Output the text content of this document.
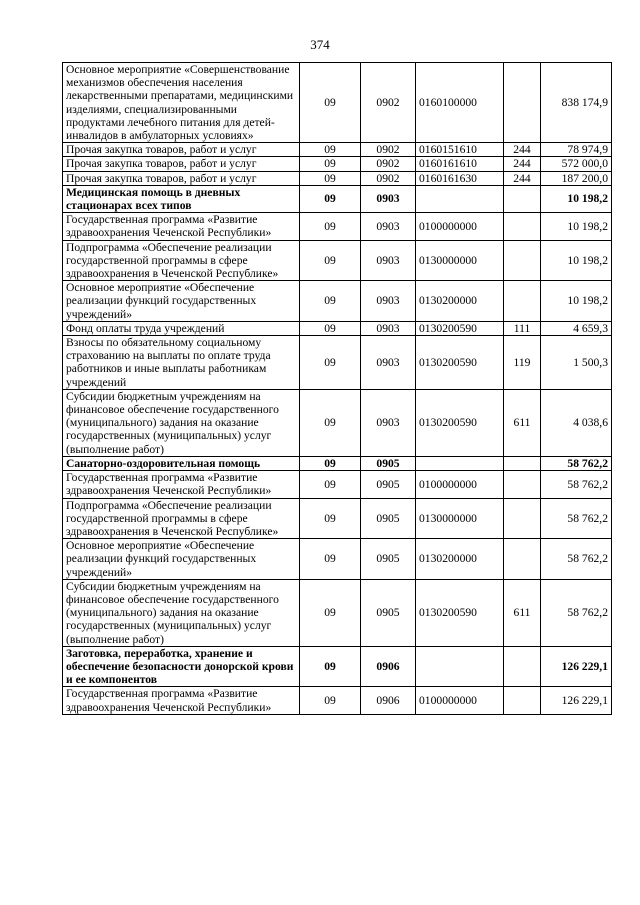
374
Основное мероприятие «Совершенствование механизмов обеспечения населения лекарственными препаратами, медицинскими изделиями, специализированными продуктами лечебного питания для детей-инвалидов в амбулаторных условиях»	09	0902	0160100000		838 174,9
Прочая закупка товаров, работ и услуг	09	0902	0160151610	244	78 974,9
Прочая закупка товаров, работ и услуг	09	0902	0160161610	244	572 000,0
Прочая закупка товаров, работ и услуг	09	0902	0160161630	244	187 200,0
Медицинская помощь в дневных стационарах всех типов	09	0903			10 198,2
Государственная программа «Развитие здравоохранения Чеченской Республики»	09	0903	0100000000		10 198,2
Подпрограмма «Обеспечение реализации государственной программы в сфере здравоохранения в Чеченской Республике»	09	0903	0130000000		10 198,2
Основное мероприятие «Обеспечение реализации функций государственных учреждений»	09	0903	0130200000		10 198,2
Фонд оплаты труда учреждений	09	0903	0130200590	111	4 659,3
Взносы по обязательному социальному страхованию на выплаты по оплате труда работников и иные выплаты работникам учреждений	09	0903	0130200590	119	1 500,3
Субсидии бюджетным учреждениям на финансовое обеспечение государственного (муниципального) задания на оказание государственных (муниципальных) услуг (выполнение работ)	09	0903	0130200590	611	4 038,6
Санаторно-оздоровительная помощь	09	0905			58 762,2
Государственная программа «Развитие здравоохранения Чеченской Республики»	09	0905	0100000000		58 762,2
Подпрограмма «Обеспечение реализации государственной программы в сфере здравоохранения в Чеченской Республике»	09	0905	0130000000		58 762,2
Основное мероприятие «Обеспечение реализации функций государственных учреждений»	09	0905	0130200000		58 762,2
Субсидии бюджетным учреждениям на финансовое обеспечение государственного (муниципального) задания на оказание государственных (муниципальных) услуг (выполнение работ)	09	0905	0130200590	611	58 762,2
Заготовка, переработка, хранение и обеспечение безопасности донорской крови и ее компонентов	09	0906			126 229,1
Государственная программа «Развитие здравоохранения Чеченской Республики»	09	0906	0100000000		126 229,1
